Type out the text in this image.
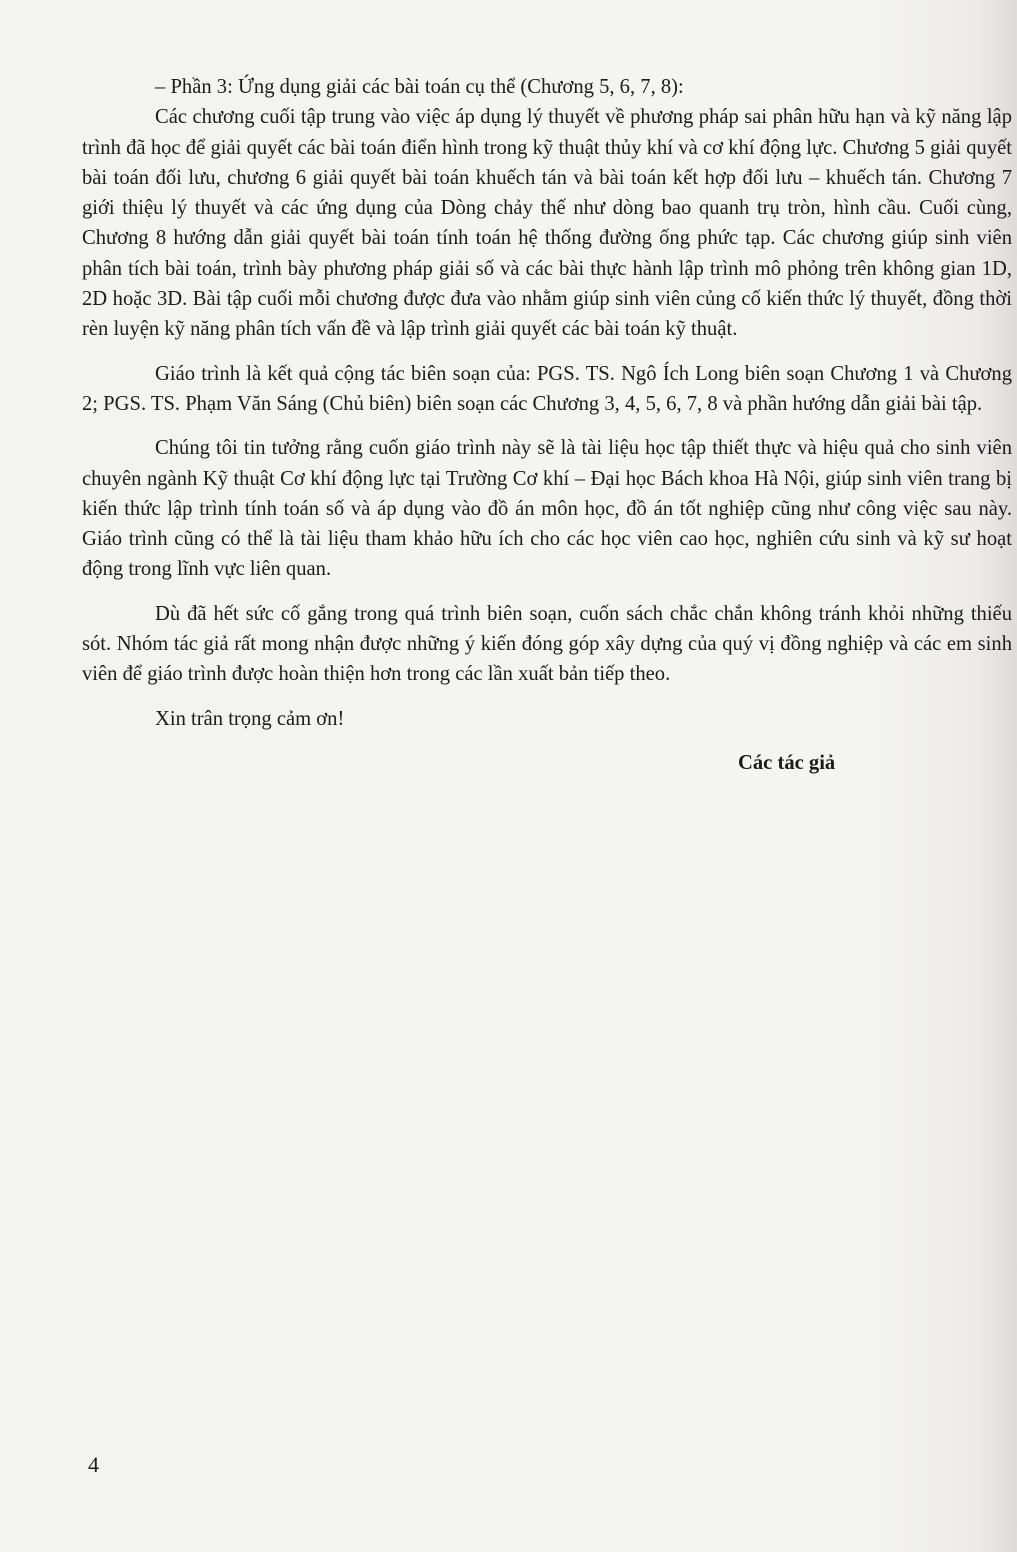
– Phần 3: Ứng dụng giải các bài toán cụ thể (Chương 5, 6, 7, 8):

Các chương cuối tập trung vào việc áp dụng lý thuyết về phương pháp sai phân hữu hạn và kỹ năng lập trình đã học để giải quyết các bài toán điển hình trong kỹ thuật thủy khí và cơ khí động lực. Chương 5 giải quyết bài toán đối lưu, chương 6 giải quyết bài toán khuếch tán và bài toán kết hợp đối lưu – khuếch tán. Chương 7 giới thiệu lý thuyết và các ứng dụng của Dòng chảy thế như dòng bao quanh trụ tròn, hình cầu. Cuối cùng, Chương 8 hướng dẫn giải quyết bài toán tính toán hệ thống đường ống phức tạp. Các chương giúp sinh viên phân tích bài toán, trình bày phương pháp giải số và các bài thực hành lập trình mô phỏng trên không gian 1D, 2D hoặc 3D. Bài tập cuối mỗi chương được đưa vào nhằm giúp sinh viên củng cố kiến thức lý thuyết, đồng thời rèn luyện kỹ năng phân tích vấn đề và lập trình giải quyết các bài toán kỹ thuật.

Giáo trình là kết quả cộng tác biên soạn của: PGS. TS. Ngô Ích Long biên soạn Chương 1 và Chương 2; PGS. TS. Phạm Văn Sáng (Chủ biên) biên soạn các Chương 3, 4, 5, 6, 7, 8 và phần hướng dẫn giải bài tập.

Chúng tôi tin tưởng rằng cuốn giáo trình này sẽ là tài liệu học tập thiết thực và hiệu quả cho sinh viên chuyên ngành Kỹ thuật Cơ khí động lực tại Trường Cơ khí – Đại học Bách khoa Hà Nội, giúp sinh viên trang bị kiến thức lập trình tính toán số và áp dụng vào đồ án môn học, đồ án tốt nghiệp cũng như công việc sau này. Giáo trình cũng có thể là tài liệu tham khảo hữu ích cho các học viên cao học, nghiên cứu sinh và kỹ sư hoạt động trong lĩnh vực liên quan.

Dù đã hết sức cố gắng trong quá trình biên soạn, cuốn sách chắc chắn không tránh khỏi những thiếu sót. Nhóm tác giả rất mong nhận được những ý kiến đóng góp xây dựng của quý vị đồng nghiệp và các em sinh viên để giáo trình được hoàn thiện hơn trong các lần xuất bản tiếp theo.

Xin trân trọng cảm ơn!

Các tác giả

4
